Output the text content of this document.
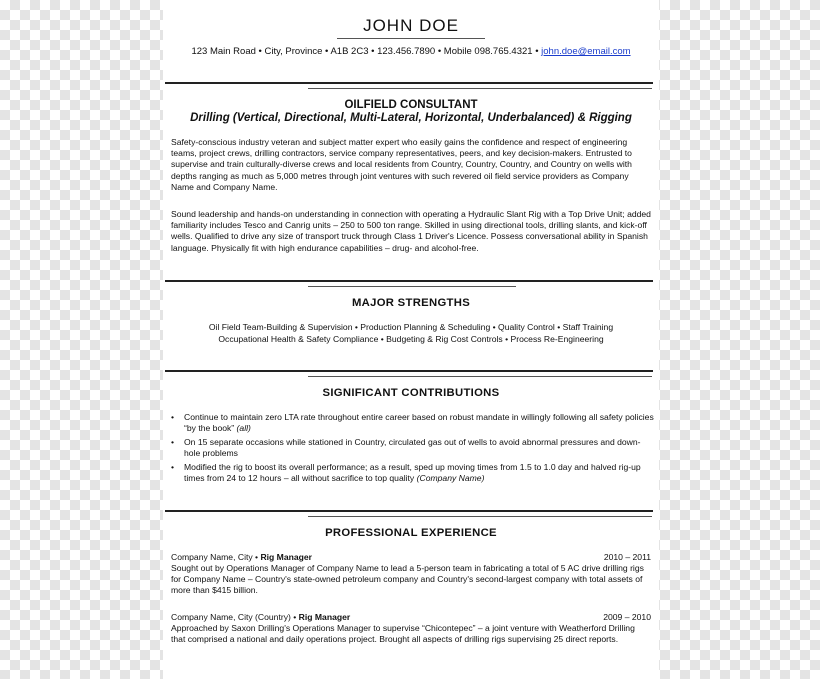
JOHN DOE
123 Main Road • City, Province • A1B 2C3 • 123.456.7890 • Mobile 098.765.4321 • john.doe@email.com
OILFIELD CONSULTANT
Drilling (Vertical, Directional, Multi-Lateral, Horizontal, Underbalanced) & Rigging
Safety-conscious industry veteran and subject matter expert who easily gains the confidence and respect of engineering teams, project crews, drilling contractors, service company representatives, peers, and key decision-makers. Entrusted to supervise and train culturally-diverse crews and local residents from Country, Country, Country, and Country on wells with depths ranging as much as 5,000 metres through joint ventures with such revered oil field service providers as Company Name and Company Name.
Sound leadership and hands-on understanding in connection with operating a Hydraulic Slant Rig with a Top Drive Unit; added familiarity includes Tesco and Canrig units – 250 to 500 ton range. Skilled in using directional tools, drilling slants, and kick-off wells. Qualified to drive any size of transport truck through Class 1 Driver's Licence. Possess conversational ability in Spanish language. Physically fit with high endurance capabilities – drug- and alcohol-free.
MAJOR STRENGTHS
Oil Field Team-Building & Supervision • Production Planning & Scheduling • Quality Control • Staff Training
Occupational Health & Safety Compliance • Budgeting & Rig Cost Controls • Process Re-Engineering
SIGNIFICANT CONTRIBUTIONS
• Continue to maintain zero LTA rate throughout entire career based on robust mandate in willingly following all safety policies “by the book” (all)
• On 15 separate occasions while stationed in Country, circulated gas out of wells to avoid abnormal pressures and down-hole problems
• Modified the rig to boost its overall performance; as a result, sped up moving times from 1.5 to 1.0 day and halved rig-up times from 24 to 12 hours – all without sacrifice to top quality (Company Name)
PROFESSIONAL EXPERIENCE
Company Name, City • Rig Manager	2010 – 2011
Sought out by Operations Manager of Company Name to lead a 5-person team in fabricating a total of 5 AC drive drilling rigs for Company Name – Country's state-owned petroleum company and Country's second-largest company with total assets of more than $415 billion.
Company Name, City (Country) • Rig Manager	2009 – 2010
Approached by Saxon Drilling's Operations Manager to supervise “Chicontepec” – a joint venture with Weatherford Drilling that comprised a national and daily operations project. Brought all aspects of drilling rigs supervising 25 direct reports.
